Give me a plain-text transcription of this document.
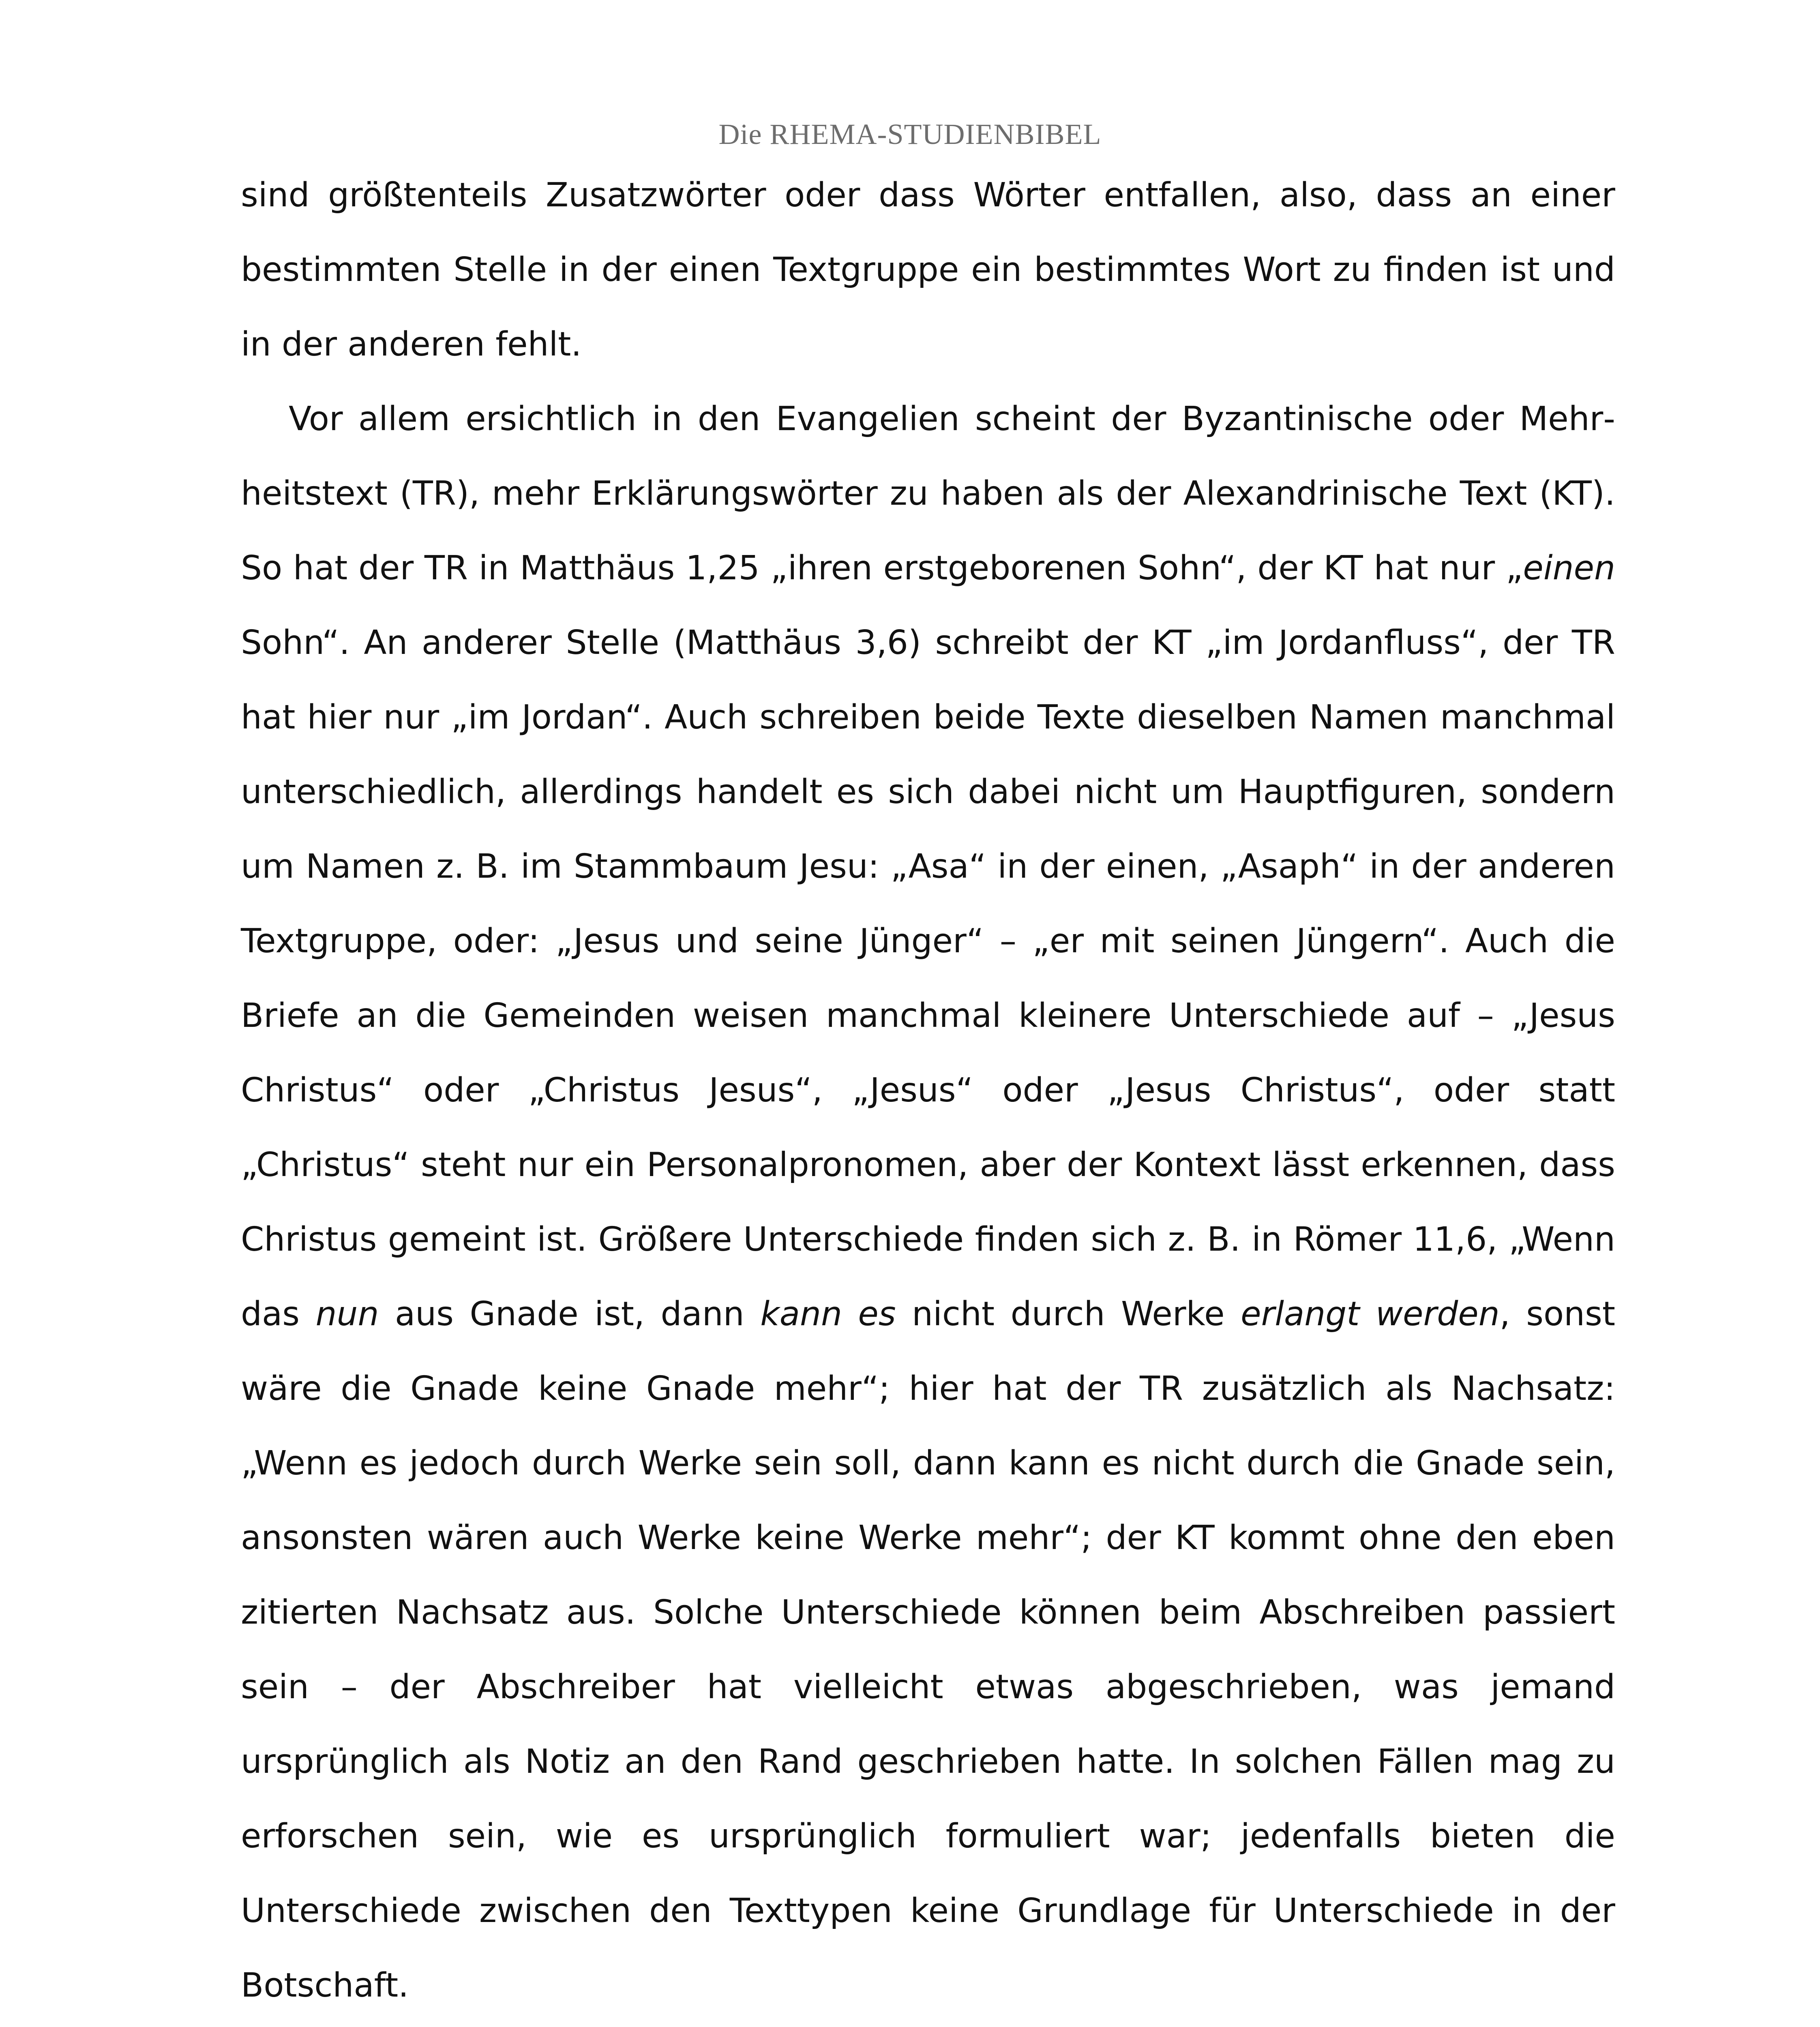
Die RHEMA-STUDIENBIBEL

sind größtenteils Zusatzwörter oder dass Wörter entfallen, also, dass an einer bestimmten Stelle in der einen Textgruppe ein bestimmtes Wort zu finden ist und in der anderen fehlt.

Vor allem ersichtlich in den Evangelien scheint der Byzantinische oder Mehrheitstext (TR), mehr Erklärungswörter zu haben als der Alexandrinische Text (KT). So hat der TR in Matthäus 1,25 „ihren erstgeborenen Sohn“, der KT hat nur „einen Sohn“. An anderer Stelle (Matthäus 3,6) schreibt der KT „im Jordanfluss“, der TR hat hier nur „im Jordan“. Auch schreiben beide Texte dieselben Namen manchmal unterschiedlich, allerdings handelt es sich dabei nicht um Hauptfiguren, sondern um Namen z. B. im Stammbaum Jesu: „Asa“ in der einen, „Asaph“ in der anderen Textgruppe, oder: „Jesus und seine Jünger“ – „er mit seinen Jüngern“. Auch die Briefe an die Gemeinden weisen manchmal kleinere Unterschiede auf – „Jesus Christus“ oder „Christus Jesus“, „Jesus“ oder „Jesus Christus“, oder statt „Christus“ steht nur ein Personalpronomen, aber der Kontext lässt erkennen, dass Christus gemeint ist. Größere Unterschiede finden sich z. B. in Römer 11,6, „Wenn das nun aus Gnade ist, dann kann es nicht durch Werke erlangt werden, sonst wäre die Gnade keine Gnade mehr“; hier hat der TR zusätzlich als Nachsatz: „Wenn es jedoch durch Werke sein soll, dann kann es nicht durch die Gnade sein, ansonsten wären auch Werke keine Werke mehr“; der KT kommt ohne den eben zitierten Nachsatz aus. Solche Unterschiede können beim Abschreiben passiert sein – der Abschreiber hat vielleicht etwas abgeschrieben, was jemand ursprünglich als Notiz an den Rand geschrieben hatte. In solchen Fällen mag zu erforschen sein, wie es ursprünglich formuliert war; jedenfalls bieten die Unterschiede zwischen den Texttypen keine Grundlage für Unterschiede in der Botschaft.
